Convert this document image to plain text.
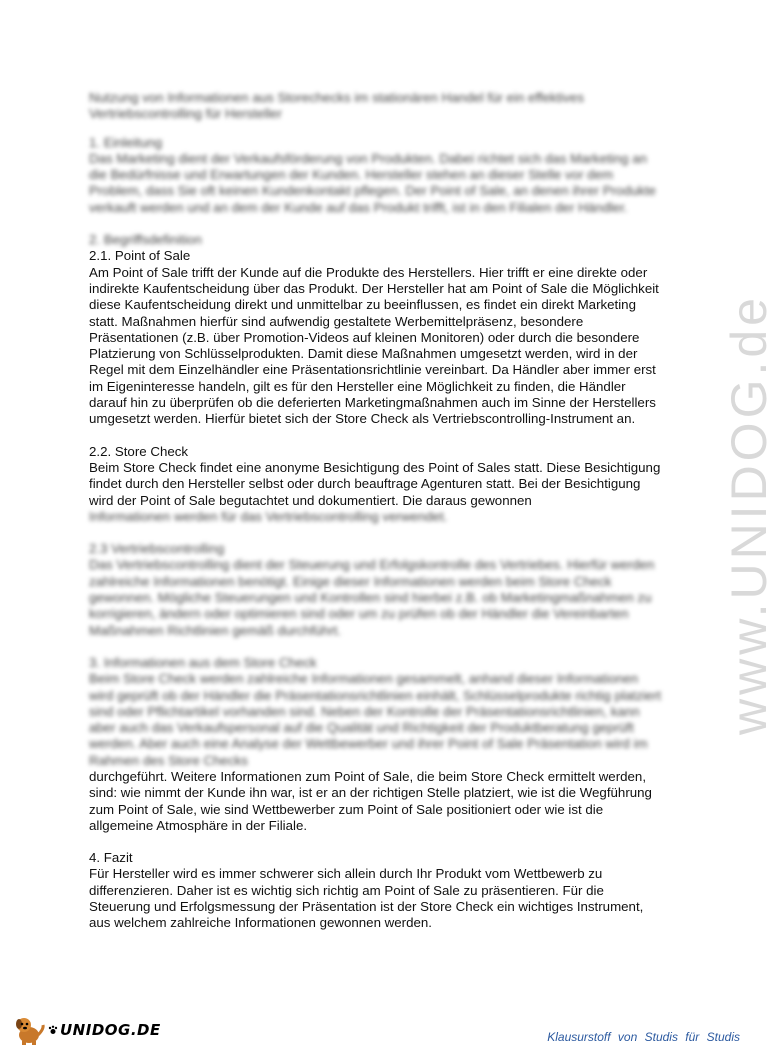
www.UNIDOG.de

Nutzung von Informationen aus Storechecks im stationären Handel für ein effektives Vertriebscontrolling für Hersteller

1. Einleitung

Das Marketing dient der Verkaufsförderung von Produkten. Dabei richtet sich das Marketing an die Bedürfnisse und Erwartungen der Kunden. Hersteller stehen an dieser Stelle vor dem Problem, dass Sie oft keinen Kundenkontakt pflegen. Der Point of Sale, an denen ihrer Produkte verkauft werden und an dem der Kunde auf das Produkt trifft, ist in den Filialen der Händler.

2. Begriffsdefinition

2.1. Point of Sale

Am Point of Sale trifft der Kunde auf die Produkte des Herstellers. Hier trifft er eine direkte oder indirekte Kaufentscheidung über das Produkt. Der Hersteller hat am Point of Sale die Möglichkeit diese Kaufentscheidung direkt und unmittelbar zu beeinflussen, es findet ein direkt Marketing statt. Maßnahmen hierfür sind aufwendig gestaltete Werbemittelpräsenz, besondere Präsentationen (z.B. über Promotion-Videos auf kleinen Monitoren) oder durch die besondere Platzierung von Schlüsselprodukten. Damit diese Maßnahmen umgesetzt werden, wird in der Regel mit dem Einzelhändler eine Präsentationsrichtlinie vereinbart. Da Händler aber immer erst im Eigeninteresse handeln, gilt es für den Hersteller eine Möglichkeit zu finden, die Händler darauf hin zu überprüfen ob die deferierten Marketingmaßnahmen auch im Sinne der Herstellers umgesetzt werden. Hierfür bietet sich der Store Check als Vertriebscontrolling-Instrument an.

2.2. Store Check

Beim Store Check findet eine anonyme Besichtigung des Point of Sales statt. Diese Besichtigung findet durch den Hersteller selbst oder durch beauftrage Agenturen statt. Bei der Besichtigung wird der Point of Sale begutachtet und dokumentiert. Die daraus gewonnen

Informationen werden für das Vertriebscontrolling verwendet.

2.3 Vertriebscontrolling

Das Vertriebscontrolling dient der Steuerung und Erfolgskontrolle des Vertriebes. Hierfür werden zahlreiche Informationen benötigt. Einige dieser Informationen werden beim Store Check gewonnen. Mögliche Steuerungen und Kontrollen sind hierbei z.B. ob Marketingmaßnahmen zu korrigieren, ändern oder optimieren sind oder um zu prüfen ob der Händler die Vereinbarten Maßnahmen Richtlinien gemäß durchführt.

3. Informationen aus dem Store Check

Beim Store Check werden zahlreiche Informationen gesammelt, anhand dieser Informationen wird geprüft ob der Händler die Präsentationsrichtlinien einhält, Schlüsselprodukte richtig platziert sind oder Pflichtartikel vorhanden sind. Neben der Kontrolle der Präsentationsrichtlinien, kann aber auch das Verkaufspersonal auf die Qualität und Richtigkeit der Produktberatung geprüft werden. Aber auch eine Analyse der Wettbewerber und ihrer Point of Sale Präsentation wird im Rahmen des Store Checks

durchgeführt. Weitere Informationen zum Point of Sale, die beim Store Check ermittelt werden, sind: wie nimmt der Kunde ihn war, ist er an der richtigen Stelle platziert, wie ist die Wegführung zum Point of Sale, wie sind Wettbewerber zum Point of Sale positioniert oder wie ist die allgemeine Atmosphäre in der Filiale.

4. Fazit

Für Hersteller wird es immer schwerer sich allein durch Ihr Produkt vom Wettbewerb zu differenzieren. Daher ist es wichtig sich richtig am Point of Sale zu präsentieren. Für die Steuerung und Erfolgsmessung der Präsentation ist der Store Check ein wichtiges Instrument, aus welchem zahlreiche Informationen gewonnen werden.

UNIDOG.DE	Klausurstoff von Studis für Studis
